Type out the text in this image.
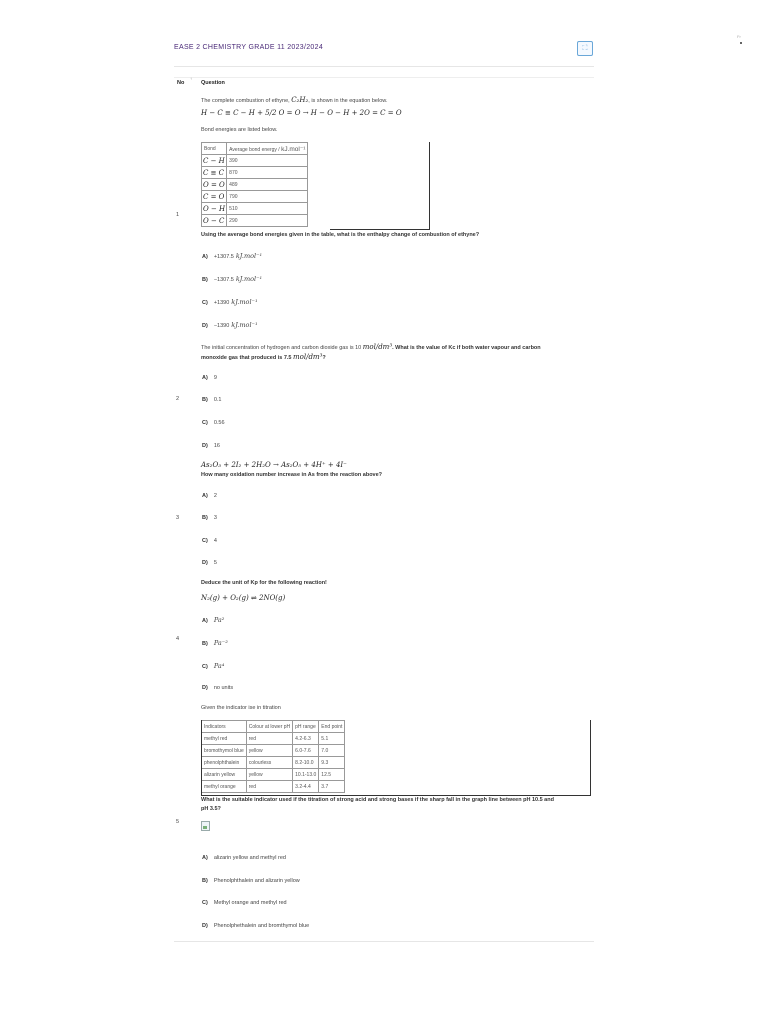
EASE 2 CHEMISTRY GRADE 11 2023/2024	⛶
Fr
No
↑
Question
1
The complete combustion of ethyne, C₂H₂, is shown in the equation below.
H − C ≡ C − H + 5/2 O = O → H − O − H + 2O = C = O
Bond energies are listed below.
Bond	Average bond energy / kJ.mol⁻¹
C − H	390
C ≡ C	870
O = O	489
C = O	790
O − H	510
O − C	290
Using the average bond energies given in the table, what is the enthalpy change of combustion of ethyne?
A) +1307.5 kJ.mol⁻¹
B) −1307.5 kJ.mol⁻¹
C) +1390 kJ.mol⁻¹
D) −1390 kJ.mol⁻¹
2
The initial concentration of hydrogen and carbon dioxide gas is 10 mol/dm³. What is the value of Kc if both water vapour and carbon
monoxide gas that produced is 7.5 mol/dm³?
A) 9
B) 0.1
C) 0.56
D) 16
3
As₂O₃ + 2I₂ + 2H₂O → As₂O₅ + 4H⁺ + 4I⁻
How many oxidation number increase in As from the reaction above?
A) 2
B) 3
C) 4
D) 5
4
Deduce the unit of Kp for the following reaction!
N₂(g) + O₂(g) ⇌ 2NO(g)
A) Pa²
B) Pa⁻²
C) Pa⁴
D) no units
5
Given the indicator ise in titration
Indicators	Colour at lower pH	pH range	End point
methyl red	red	4.2-6.3	5.1
bromothymol blue	yellow	6.0-7.6	7.0
phenolphthalein	colourless	8.2-10.0	9.3
alizarin yellow	yellow	10.1-13.0	12.5
methyl orange	red	3.2-4.4	3.7
What is the suitable indicator used if the titration of strong acid and strong bases if the sharp fall in the graph line between pH 10.5 and
pH 3.5?
A) alizarin yellow and methyl red
B) Phenolphthalein and alizarin yellow
C) Methyl orange and methyl red
D) Phenolphethalein and bromthymol blue
